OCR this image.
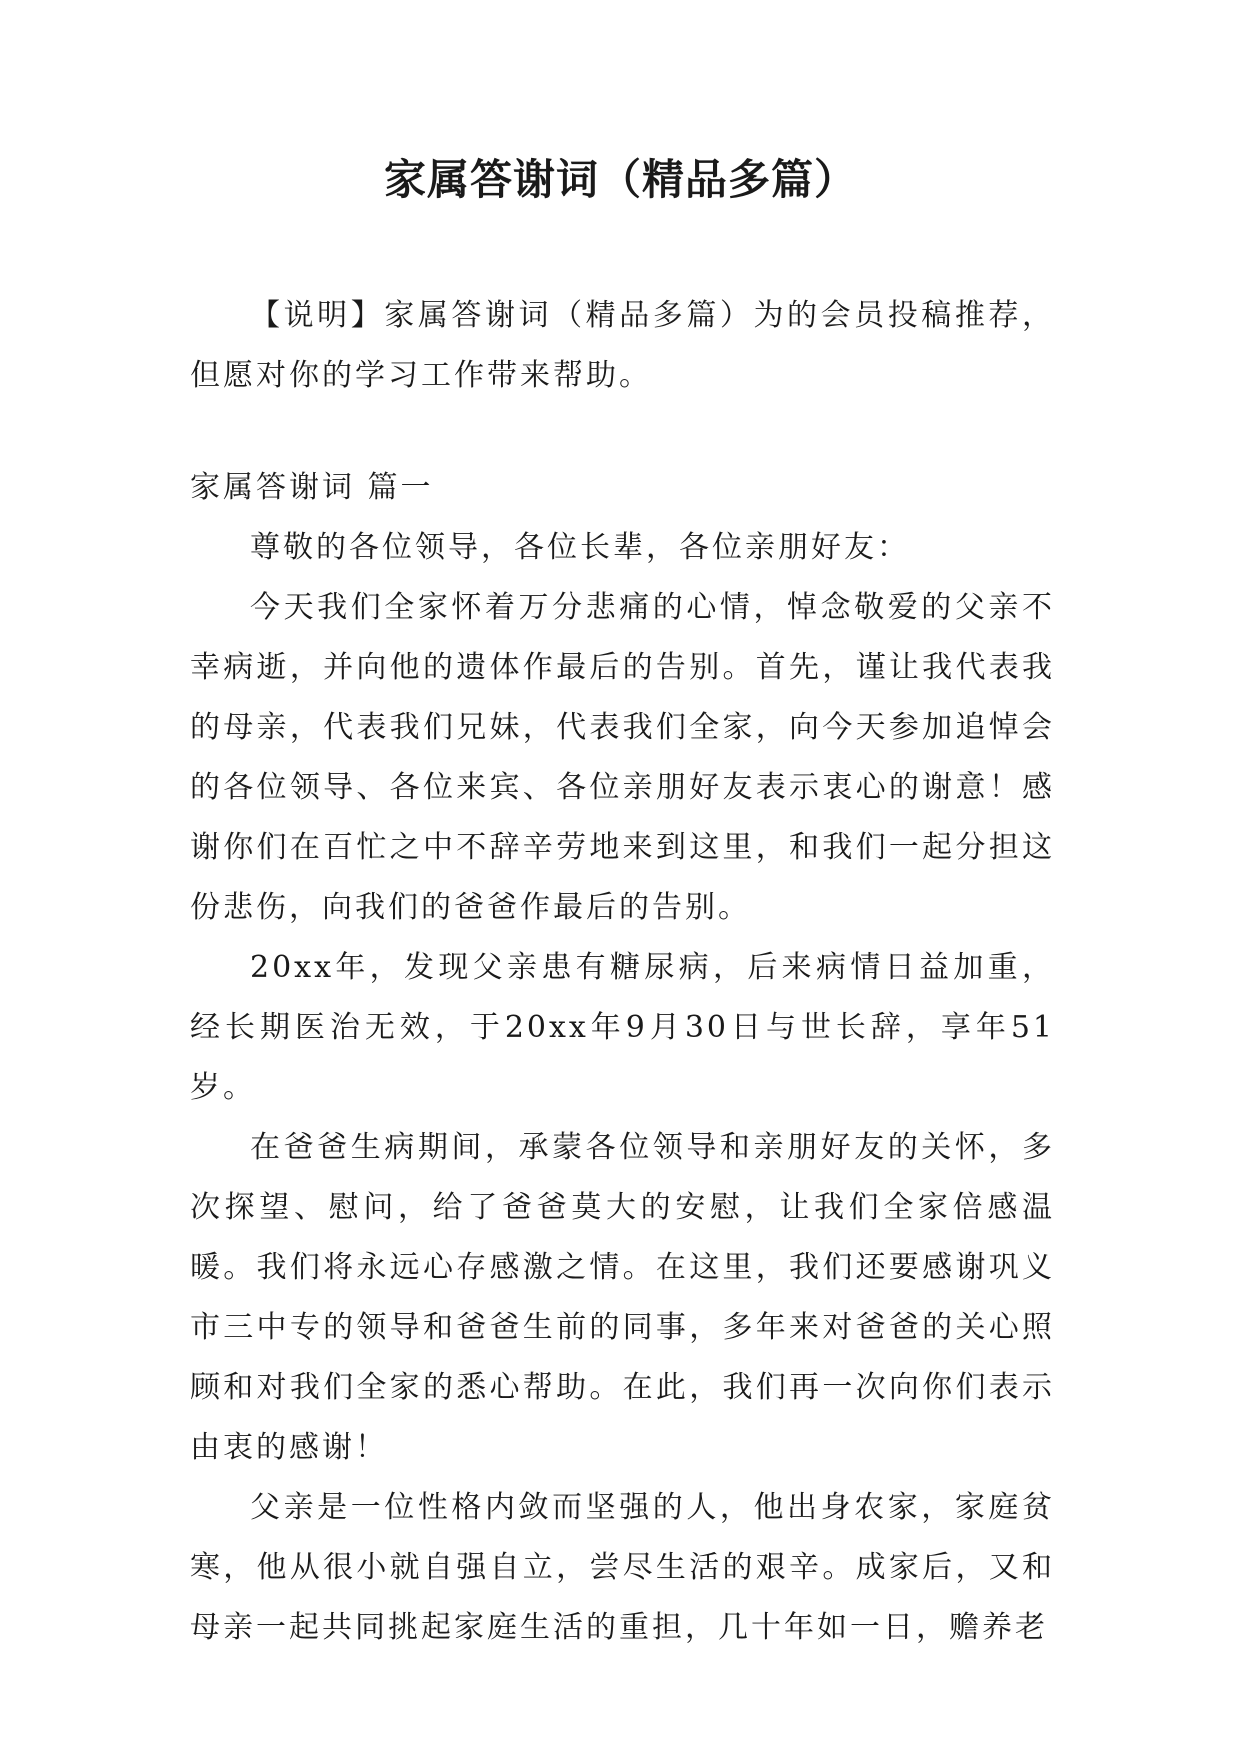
家属答谢词（精品多篇）

【说明】家属答谢词（精品多篇）为的会员投稿推荐，但愿对你的学习工作带来帮助。

家属答谢词 篇一

尊敬的各位领导，各位长辈，各位亲朋好友：

今天我们全家怀着万分悲痛的心情，悼念敬爱的父亲不幸病逝，并向他的遗体作最后的告别。首先，谨让我代表我的母亲，代表我们兄妹，代表我们全家，向今天参加追悼会的各位领导、各位来宾、各位亲朋好友表示衷心的谢意！感谢你们在百忙之中不辞辛劳地来到这里，和我们一起分担这份悲伤，向我们的爸爸作最后的告别。

20xx年，发现父亲患有糖尿病，后来病情日益加重，经长期医治无效，于20xx年9月30日与世长辞，享年51岁。

在爸爸生病期间，承蒙各位领导和亲朋好友的关怀，多次探望、慰问，给了爸爸莫大的安慰，让我们全家倍感温暖。我们将永远心存感激之情。在这里，我们还要感谢巩义市三中专的领导和爸爸生前的同事，多年来对爸爸的关心照顾和对我们全家的悉心帮助。在此，我们再一次向你们表示由衷的感谢！

父亲是一位性格内敛而坚强的人，他出身农家，家庭贫寒，他从很小就自强自立，尝尽生活的艰辛。成家后，又和母亲一起共同挑起家庭生活的重担，几十年如一日，赡养老
